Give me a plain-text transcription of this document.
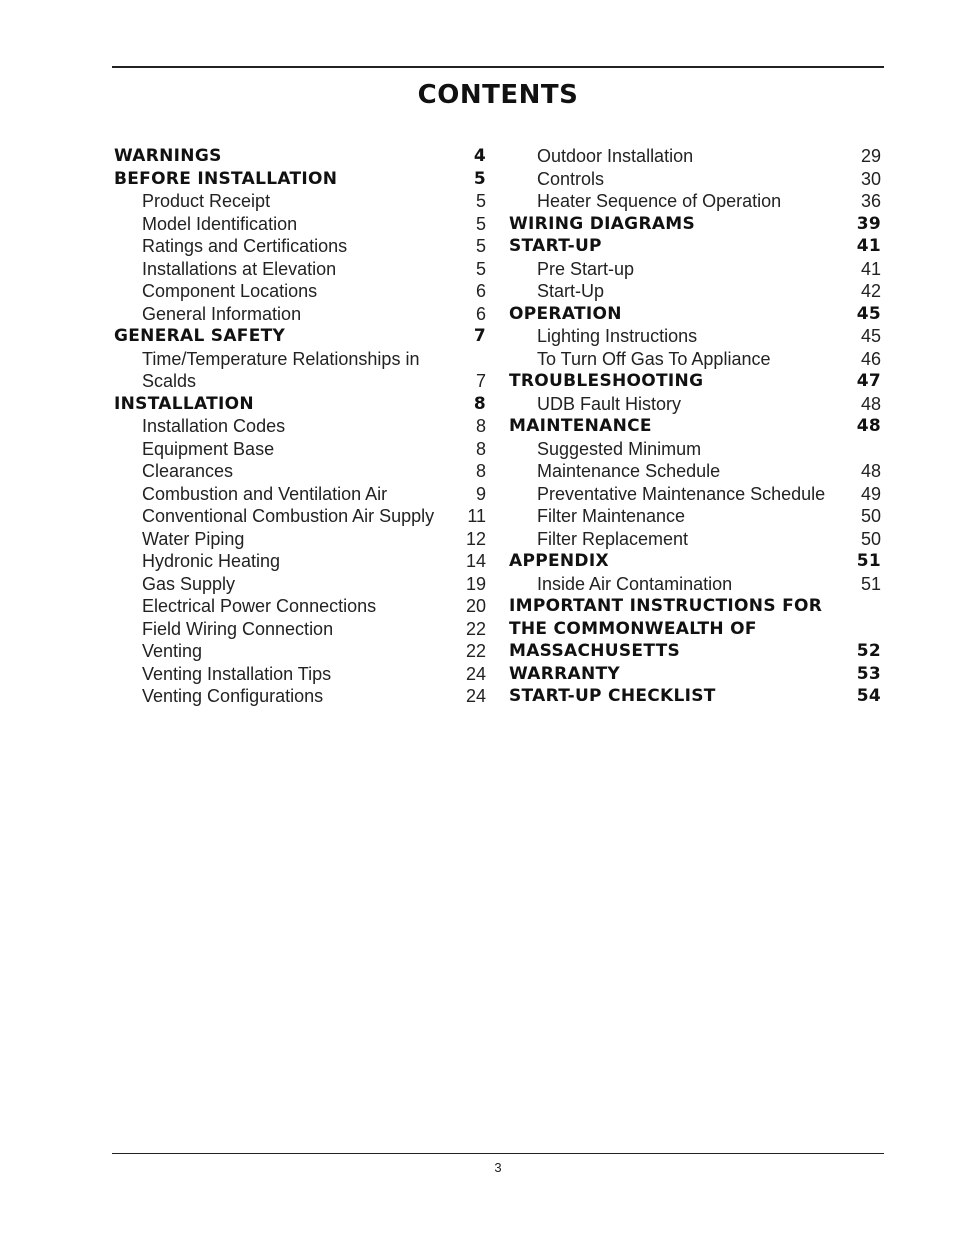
CONTENTS
WARNINGS	4
BEFORE INSTALLATION	5
Product Receipt	5
Model Identification	5
Ratings and Certifications	5
Installations at Elevation	5
Component Locations	6
General Information	6
GENERAL SAFETY	7
Time/Temperature Relationships in
Scalds	7
INSTALLATION	8
Installation Codes	8
Equipment Base	8
Clearances	8
Combustion and Ventilation Air	9
Conventional Combustion Air Supply 11
Water Piping	12
Hydronic Heating	14
Gas Supply	19
Electrical Power Connections	20
Field Wiring Connection	22
Venting	22
Venting Installation Tips	24
Venting Configurations	24
Outdoor Installation	29
Controls	30
Heater Sequence of Operation	36
WIRING DIAGRAMS	39
START-UP	41
Pre Start-up	41
Start-Up	42
OPERATION	45
Lighting Instructions	45
To Turn Off Gas To Appliance	46
TROUBLESHOOTING	47
UDB Fault History	48
MAINTENANCE	48
Suggested Minimum
Maintenance Schedule	48
Preventative Maintenance Schedule 49
Filter Maintenance	50
Filter Replacement	50
APPENDIX	51
Inside Air Contamination	51
IMPORTANT INSTRUCTIONS FOR
THE COMMONWEALTH OF
MASSACHUSETTS	52
WARRANTY	53
START-UP CHECKLIST	54
3
